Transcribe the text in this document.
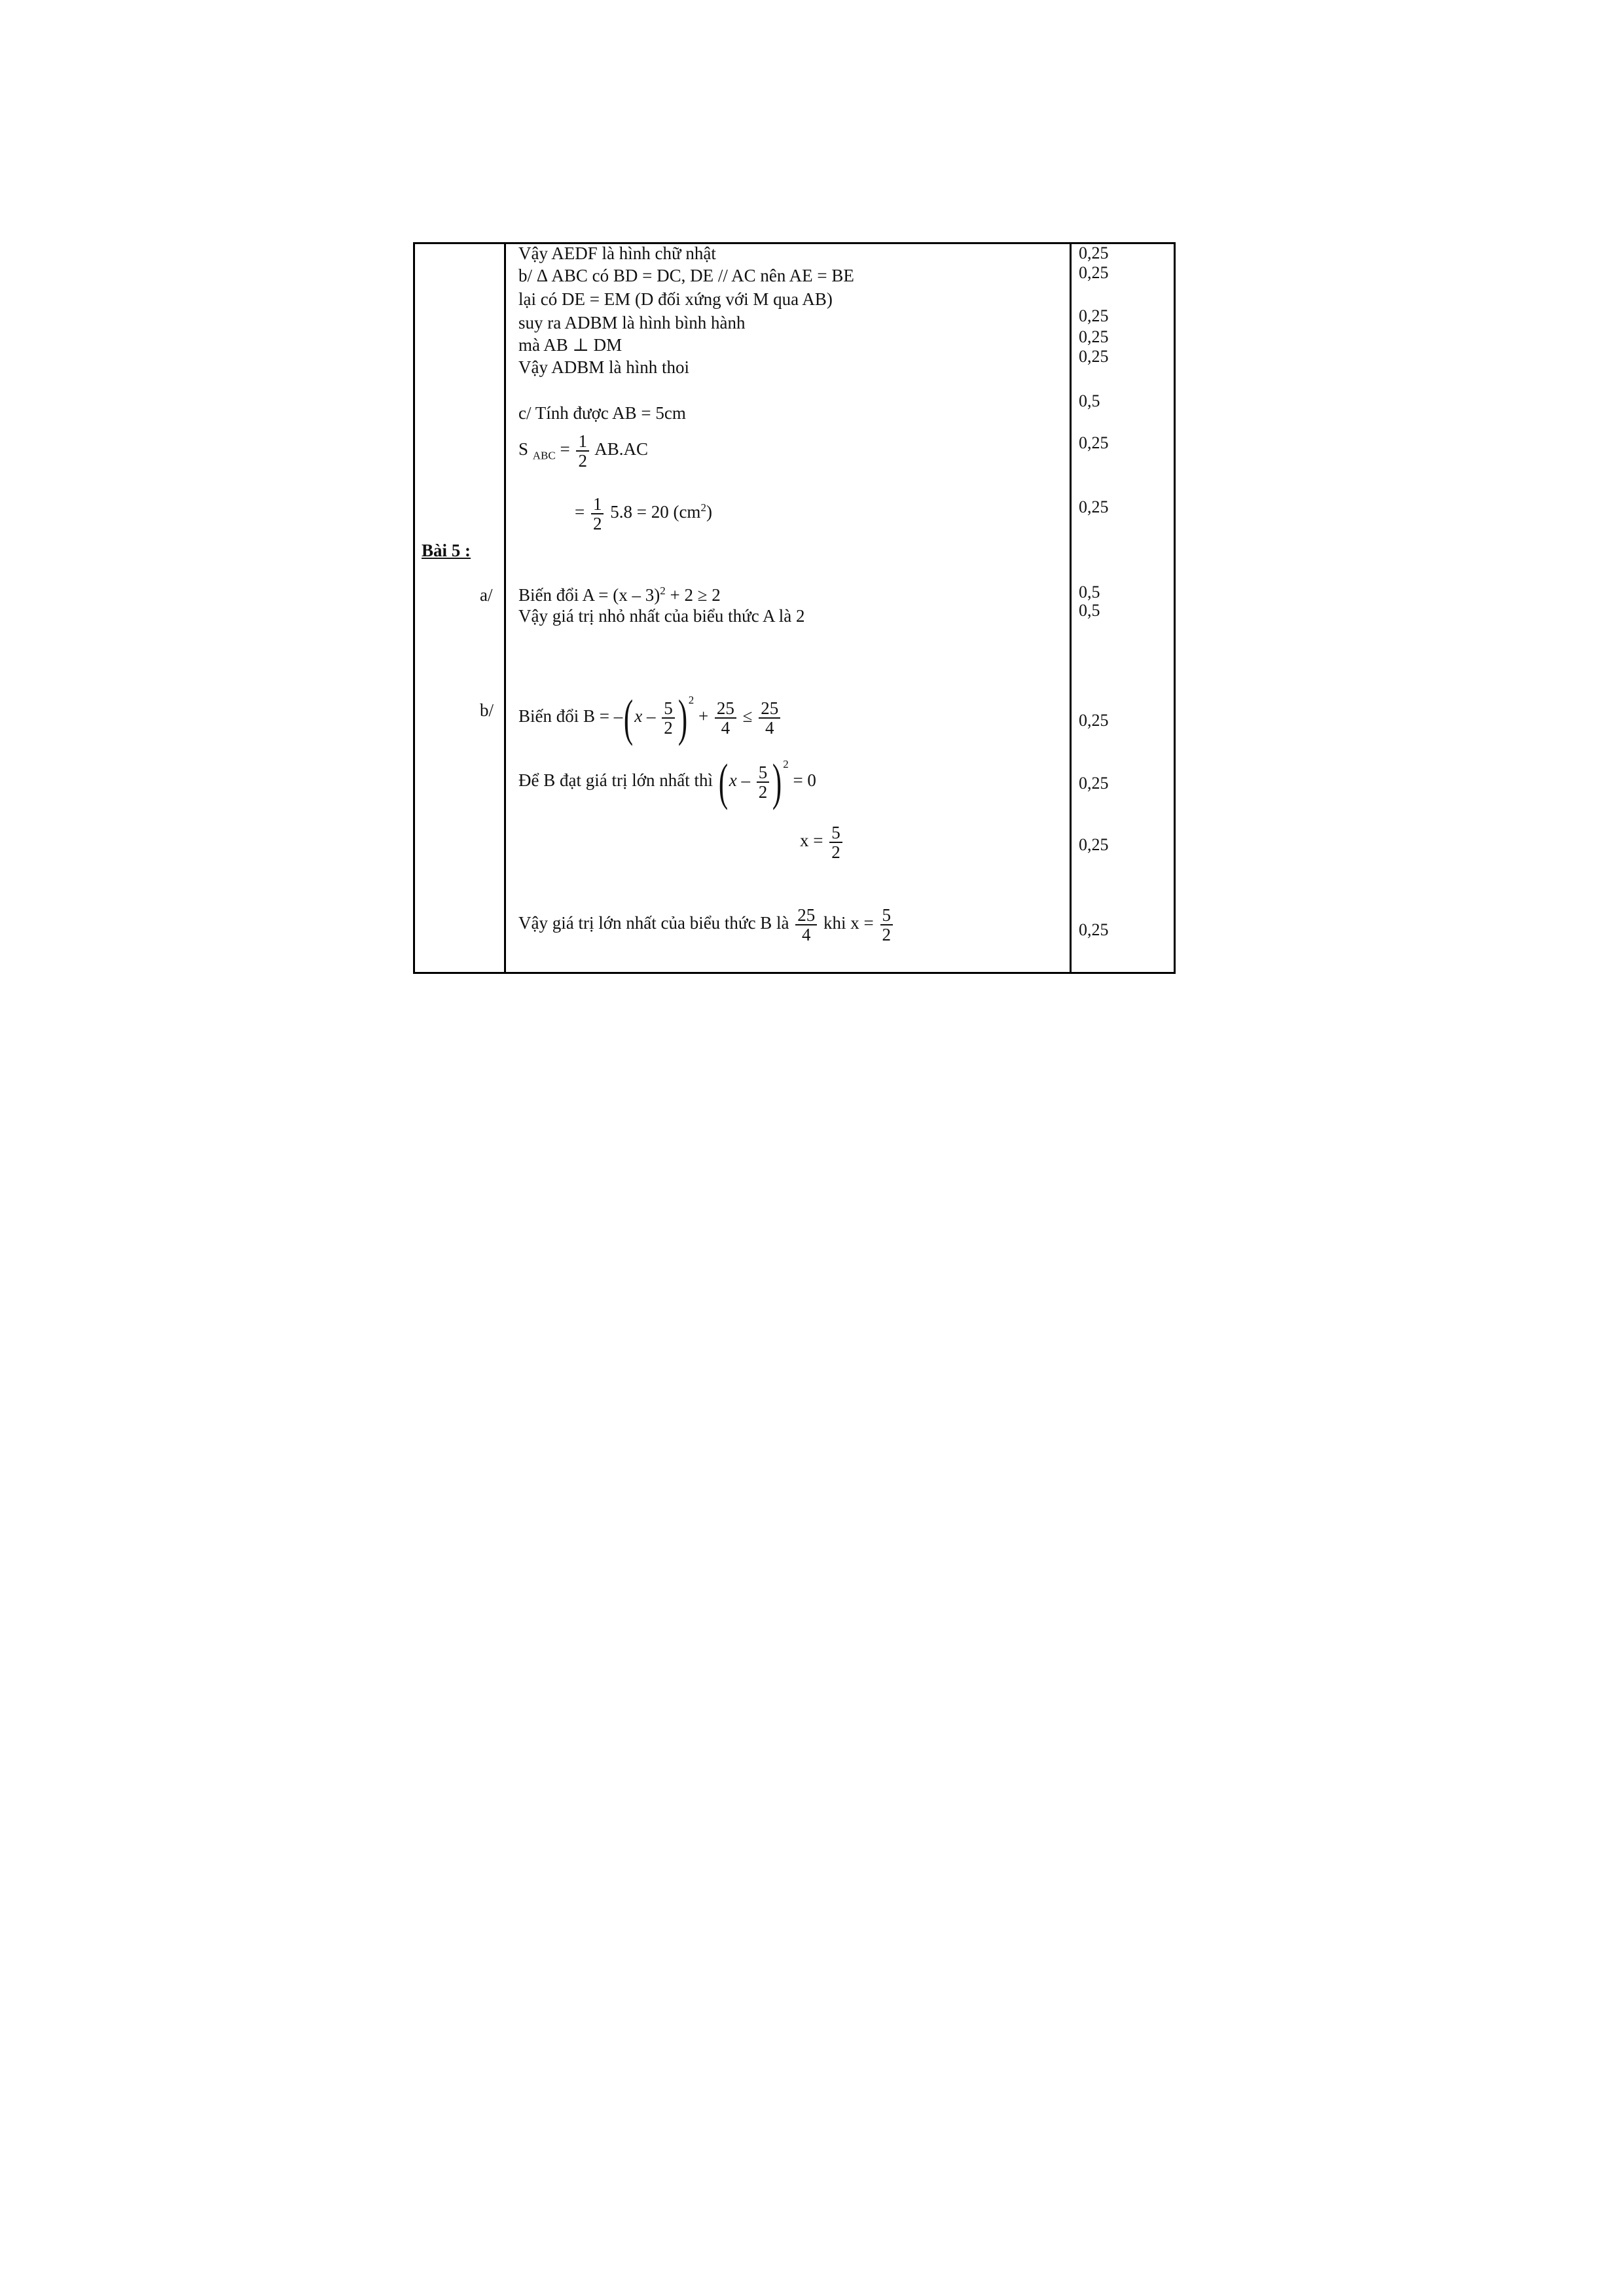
Bài 5 :
a/
b/
Vậy AEDF là hình chữ nhật
b/ Δ ABC có BD = DC, DE // AC nên AE = BE
lại có DE = EM (D đối xứng với M qua AB)
suy ra ADBM là hình bình hành
mà AB ⊥ DM
Vậy ADBM là hình thoi
c/ Tính được AB = 5cm
S $_{ABC} = \frac{1}{2} AB.AC$
= $\frac{1}{2} 5.8 = 20$ $(cm^2)$
Biến đổi A = (x – 3)$^2$ + 2 ≥ 2
Vậy giá trị nhỏ nhất của biểu thức A là 2
Biến đổi $B = -(x - \frac{5}{2}$ ) $^2 + \frac{25}{4} \le \frac{25}{4}$
Để B đạt giá trị lớn nhất thì ($x - \frac{5}{2}$ ) $^2$ = 0
$x = \frac{5}{2}$
Vậy giá trị lớn nhất của biểu thức B là $\frac{25}{4}$ khi $x = \frac{5}{2}$
0,25
0,25
0,25
0,25
0,25
0,5
0,25
0,25
0,5
0,5
0,25
0,25
0,25
0,25
